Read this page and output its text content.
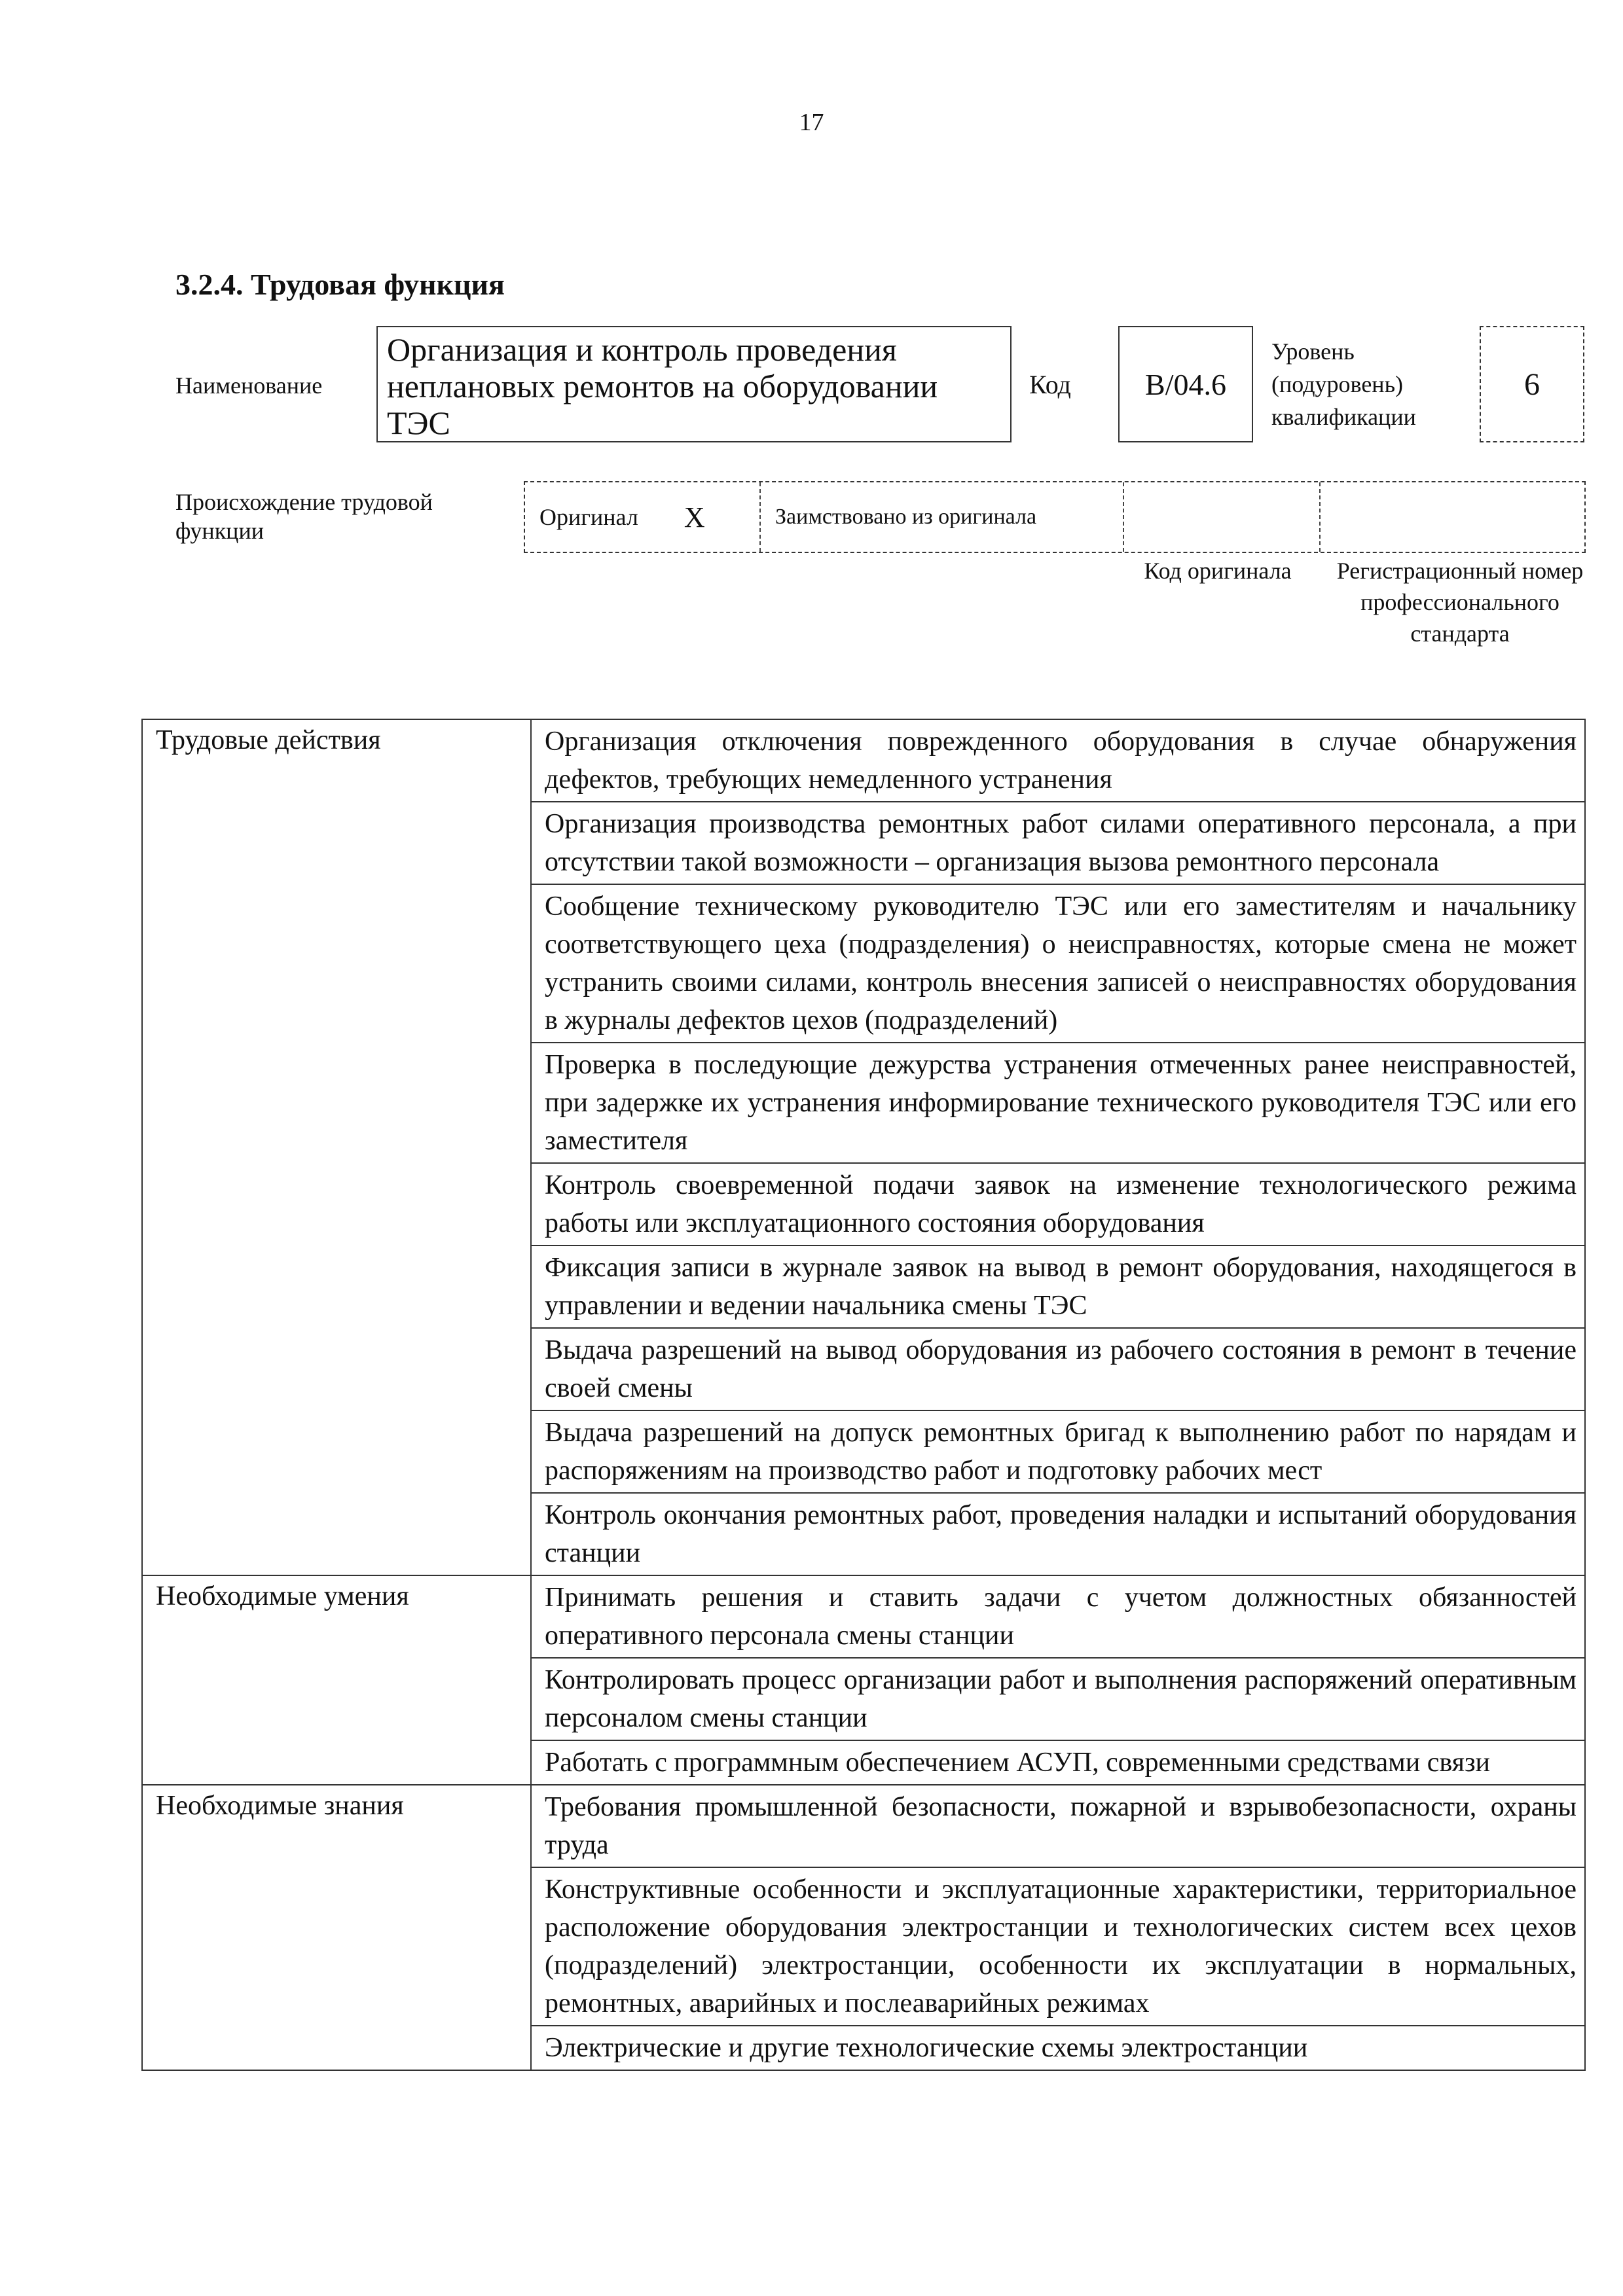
17
3.2.4. Трудовая функция
Наименование
Организация и контроль проведения неплановых ремонтов на оборудовании ТЭС
Код B/04.6
Уровень (подуровень) квалификации
6
Происхождение трудовой функции
Оригинал X	Заимствовано из оригинала
Код оригинала	Регистрационный номер профессионального стандарта
Трудовые действия	Организация отключения поврежденного оборудования в случае обнаружения дефектов, требующих немедленного устранения
	Организация производства ремонтных работ силами оперативного персонала, а при отсутствии такой возможности – организация вызова ремонтного персонала
	Сообщение техническому руководителю ТЭС или его заместителям и начальнику соответствующего цеха (подразделения) о неисправностях, которые смена не может устранить своими силами, контроль внесения записей о неисправностях оборудования в журналы дефектов цехов (подразделений)
	Проверка в последующие дежурства устранения отмеченных ранее неисправностей, при задержке их устранения информирование технического руководителя ТЭС или его заместителя
	Контроль своевременной подачи заявок на изменение технологического режима работы или эксплуатационного состояния оборудования
	Фиксация записи в журнале заявок на вывод в ремонт оборудования, находящегося в управлении и ведении начальника смены ТЭС
	Выдача разрешений на вывод оборудования из рабочего состояния в ремонт в течение своей смены
	Выдача разрешений на допуск ремонтных бригад к выполнению работ по нарядам и распоряжениям на производство работ и подготовку рабочих мест
	Контроль окончания ремонтных работ, проведения наладки и испытаний оборудования станции
Необходимые умения	Принимать решения и ставить задачи с учетом должностных обязанностей оперативного персонала смены станции
	Контролировать процесс организации работ и выполнения распоряжений оперативным персоналом смены станции
	Работать с программным обеспечением АСУП, современными средствами связи
Необходимые знания	Требования промышленной безопасности, пожарной и взрывобезопасности, охраны труда
	Конструктивные особенности и эксплуатационные характеристики, территориальное расположение оборудования электростанции и технологических систем всех цехов (подразделений) электростанции, особенности их эксплуатации в нормальных, ремонтных, аварийных и послеаварийных режимах
	Электрические и другие технологические схемы электростанции
